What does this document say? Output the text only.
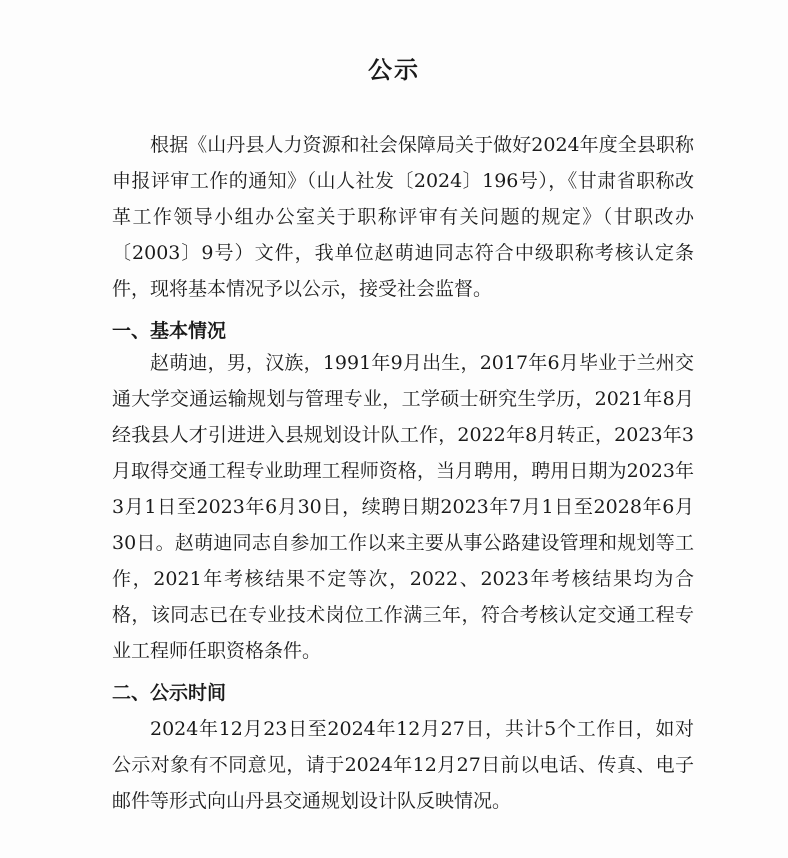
公示

根据《山丹县人力资源和社会保障局关于做好2024年度全县职称申报评审工作的通知》（山人社发〔2024〕196号），《甘肃省职称改革工作领导小组办公室关于职称评审有关问题的规定》（甘职改办〔2003〕9号）文件，我单位赵萌迪同志符合中级职称考核认定条件，现将基本情况予以公示，接受社会监督。

一、基本情况

赵萌迪，男，汉族，1991年9月出生，2017年6月毕业于兰州交通大学交通运输规划与管理专业，工学硕士研究生学历，2021年8月经我县人才引进进入县规划设计队工作，2022年8月转正，2023年3月取得交通工程专业助理工程师资格，当月聘用，聘用日期为2023年3月1日至2023年6月30日，续聘日期2023年7月1日至2028年6月30日。赵萌迪同志自参加工作以来主要从事公路建设管理和规划等工作，2021年考核结果不定等次，2022、2023年考核结果均为合格，该同志已在专业技术岗位工作满三年，符合考核认定交通工程专业工程师任职资格条件。

二、公示时间

2024年12月23日至2024年12月27日，共计5个工作日，如对公示对象有不同意见，请于2024年12月27日前以电话、传真、电子邮件等形式向山丹县交通规划设计队反映情况。
